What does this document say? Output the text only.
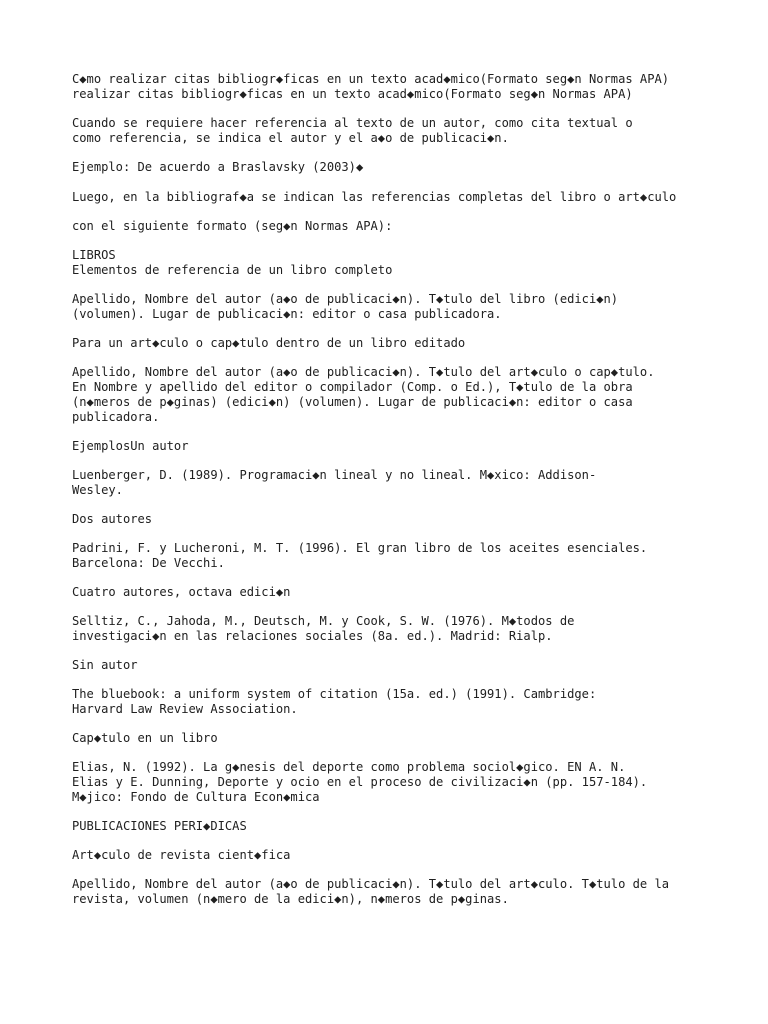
C◆mo realizar citas bibliogr◆ficas en un texto acad◆mico(Formato seg◆n Normas APA)
realizar citas bibliogr◆ficas en un texto acad◆mico(Formato seg◆n Normas APA)

Cuando se requiere hacer referencia al texto de un autor, como cita textual o
como referencia, se indica el autor y el a◆o de publicaci◆n.

Ejemplo: De acuerdo a Braslavsky (2003)◆

Luego, en la bibliograf◆a se indican las referencias completas del libro o art◆culo

con el siguiente formato (seg◆n Normas APA):

LIBROS
Elementos de referencia de un libro completo

Apellido, Nombre del autor (a◆o de publicaci◆n). T◆tulo del libro (edici◆n)
(volumen). Lugar de publicaci◆n: editor o casa publicadora.

Para un art◆culo o cap◆tulo dentro de un libro editado

Apellido, Nombre del autor (a◆o de publicaci◆n). T◆tulo del art◆culo o cap◆tulo.
En Nombre y apellido del editor o compilador (Comp. o Ed.), T◆tulo de la obra
(n◆meros de p◆ginas) (edici◆n) (volumen). Lugar de publicaci◆n: editor o casa
publicadora.

EjemplosUn autor

Luenberger, D. (1989). Programaci◆n lineal y no lineal. M◆xico: Addison-
Wesley.

Dos autores

Padrini, F. y Lucheroni, M. T. (1996). El gran libro de los aceites esenciales.
Barcelona: De Vecchi.

Cuatro autores, octava edici◆n

Selltiz, C., Jahoda, M., Deutsch, M. y Cook, S. W. (1976). M◆todos de
investigaci◆n en las relaciones sociales (8a. ed.). Madrid: Rialp.

Sin autor

The bluebook: a uniform system of citation (15a. ed.) (1991). Cambridge:
Harvard Law Review Association.

Cap◆tulo en un libro

Elias, N. (1992). La g◆nesis del deporte como problema sociol◆gico. EN A. N.
Elias y E. Dunning, Deporte y ocio en el proceso de civilizaci◆n (pp. 157-184).
M◆jico: Fondo de Cultura Econ◆mica

PUBLICACIONES PERI◆DICAS

Art◆culo de revista cient◆fica

Apellido, Nombre del autor (a◆o de publicaci◆n). T◆tulo del art◆culo. T◆tulo de la
revista, volumen (n◆mero de la edici◆n), n◆meros de p◆ginas.
